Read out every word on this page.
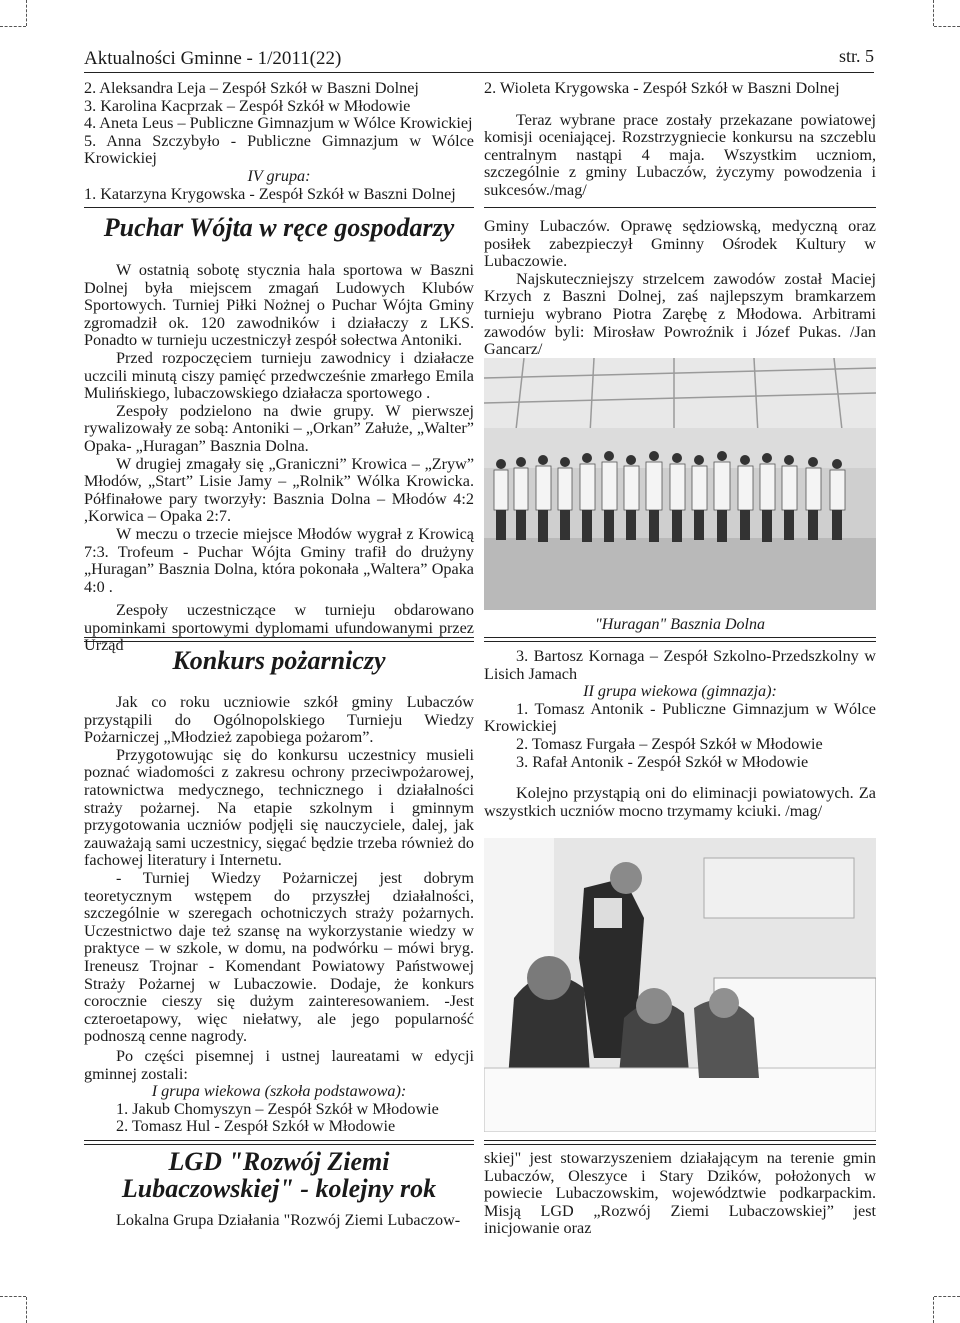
Aktualności Gminne - 1/2011(22)	str. 5

2. Aleksandra Leja – Zespół Szkół w Baszni Dolnej

3. Karolina Kacprzak – Zespół Szkół w Młodowie

4. Aneta Leus – Publiczne Gimnazjum w Wólce Krowickiej

5. Anna Szczybyło - Publiczne Gimnazjum w Wólce Krowickiej

IV grupa:

1. Katarzyna Krygowska - Zespół Szkół w Baszni Dolnej

2. Wioleta Krygowska - Zespół Szkół w Baszni Dolnej

Teraz wybrane prace zostały przekazane powiatowej komisji oceniającej. Rozstrzygniecie konkursu na szczeblu centralnym nastąpi 4 maja. Wszystkim uczniom, szczególnie z gminy Lubaczów, życzymy powodzenia i sukcesów./mag/

Puchar Wójta w ręce gospodarzy

W ostatnią sobotę stycznia hala sportowa w Baszni Dolnej była miejscem zmagań Ludowych Klubów Sportowych. Turniej Piłki Nożnej o Puchar Wójta Gminy zgromadził ok. 120 zawodników i działaczy z LKS. Ponadto w turnieju uczestniczył zespół sołectwa Antoniki.

Przed rozpoczęciem turnieju zawodnicy i działacze uczcili minutą ciszy pamięć przedwcześnie zmarłego Emila Mulińskiego, lubaczowskiego działacza sportowego .

Zespoły podzielono na dwie grupy. W pierwszej rywalizowały ze sobą: Antoniki – „Orkan” Załuże, „Walter” Opaka- „Huragan” Basznia Dolna.

W drugiej zmagały się „Graniczni” Krowica – „Zryw” Młodów, „Start” Lisie Jamy – „Rolnik” Wólka Krowicka. Półfinałowe pary tworzyły: Basznia Dolna – Młodów 4:2 ,Korwica – Opaka 2:7.

W meczu o trzecie miejsce Młodów wygrał z Krowicą 7:3. Trofeum - Puchar Wójta Gminy trafił do drużyny „Huragan” Basznia Dolna, która pokonała „Waltera” Opaka 4:0 .

Zespoły uczestniczące w turnieju obdarowano upominkami sportowymi dyplomami ufundowanymi przez Urząd

Gminy Lubaczów. Oprawę sędziowską, medyczną oraz posiłek zabezpieczył Gminny Ośrodek Kultury w Lubaczowie.

Najskuteczniejszy strzelcem zawodów został Maciej Krzych z Baszni Dolnej, zaś najlepszym bramkarzem turnieju wybrano Piotra Zarębę z Młodowa. Arbitrami zawodów byli: Mirosław Powroźnik i Józef Pukas. /Jan Gancarz/

"Huragan" Basznia Dolna
Konkurs pożarniczy

Jak co roku uczniowie szkół gminy Lubaczów przystąpili do Ogólnopolskiego Turnieju Wiedzy Pożarniczej „Młodzież zapobiega pożarom”.

Przygotowując się do konkursu uczestnicy musieli poznać wiadomości z zakresu ochrony przeciwpożarowej, ratownictwa medycznego, technicznego i działalności straży pożarnej. Na etapie szkolnym i gminnym przygotowania uczniów podjęli się nauczyciele, dalej, jak zauważają sami uczestnicy, sięgać będzie trzeba również do fachowej literatury i Internetu.

- Turniej Wiedzy Pożarniczej jest dobrym teoretycznym wstępem do przyszłej działalności, szczególnie w szeregach ochotniczych straży pożarnych. Uczestnictwo daje też szansę na wykorzystanie wiedzy w praktyce – w szkole, w domu, na podwórku – mówi bryg. Ireneusz Trojnar - Komendant Powiatowy Państwowej Straży Pożarnej w Lubaczowie. Dodaje, że konkurs corocznie cieszy się dużym zainteresowaniem. -Jest czterоetapowy, więc niełatwy, ale jego popularność podnoszą cenne nagrody.

Po części pisemnej i ustnej laureatami w edycji gminnej zostali:

I grupa wiekowa (szkoła podstawowa):

1. Jakub Chomyszyn – Zespół Szkół w Młodowie

2. Tomasz Hul - Zespół Szkół w Młodowie

3. Bartosz Kornaga – Zespół Szkolno-Przedszkolny w Lisich Jamach

II grupa wiekowa (gimnazja):

1. Tomasz Antonik - Publiczne Gimnazjum w Wólce Krowickiej

2. Tomasz Furgała – Zespół Szkół w Młodowie

3. Rafał Antonik - Zespół Szkół w Młodowie

Kolejno przystąpią oni do eliminacji powiatowych. Za wszystkich uczniów mocno trzymamy kciuki. /mag/

LGD "Rozwój Ziemi Lubaczowskiej" - kolejny rok

Lokalna Grupa Działania "Rozwój Ziemi Lubaczow-

skiej" jest stowarzyszeniem działającym na terenie gmin Lubaczów, Oleszyce i Stary Dzików, położonych w powiecie Lubaczowskim, województwie podkarpackim. Misją LGD „Rozwój Ziemi Lubaczowskiej” jest inicjowanie oraz
